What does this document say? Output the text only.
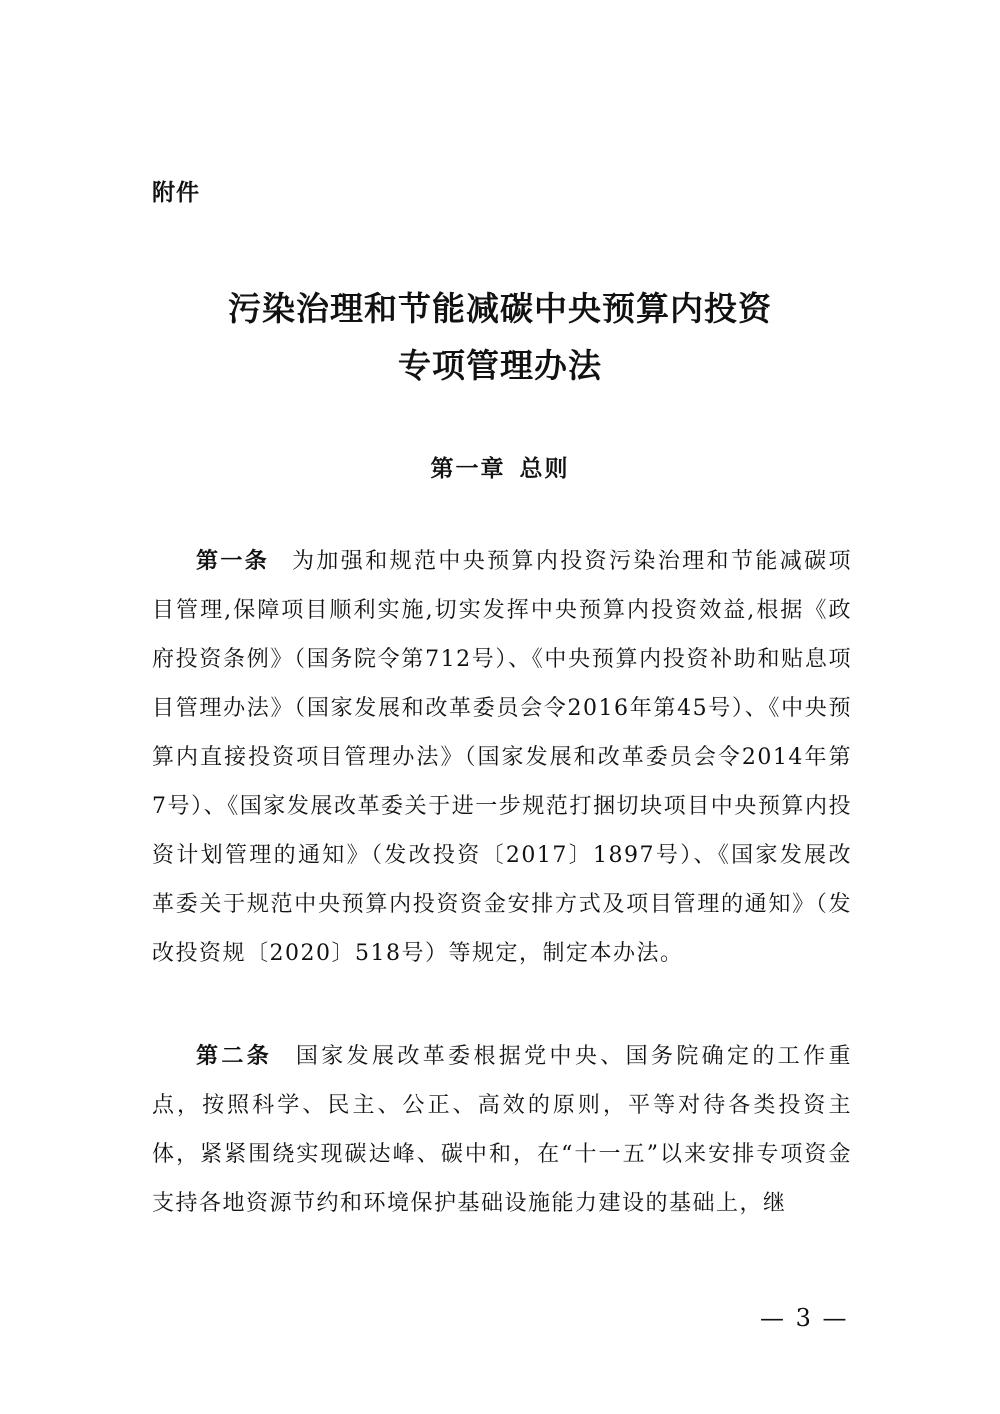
附件
污染治理和节能减碳中央预算内投资
专项管理办法
第一章 总则

第一条 为加强和规范中央预算内投资污染治理和节能减碳项目管理,保障项目顺利实施,切实发挥中央预算内投资效益,根据《政府投资条例》（国务院令第712号）、《中央预算内投资补助和贴息项目管理办法》（国家发展和改革委员会令2016年第45号）、《中央预算内直接投资项目管理办法》（国家发展和改革委员会令2014年第7号）、《国家发展改革委关于进一步规范打捆切块项目中央预算内投资计划管理的通知》（发改投资〔2017〕1897号）、《国家发展改革委关于规范中央预算内投资资金安排方式及项目管理的通知》（发改投资规〔2020〕518号）等规定，制定本办法。

第二条 国家发展改革委根据党中央、国务院确定的工作重点，按照科学、民主、公正、高效的原则，平等对待各类投资主体，紧紧围绕实现碳达峰、碳中和，在“十一五”以来安排专项资金支持各地资源节约和环境保护基础设施能力建设的基础上，继

— 3 —
